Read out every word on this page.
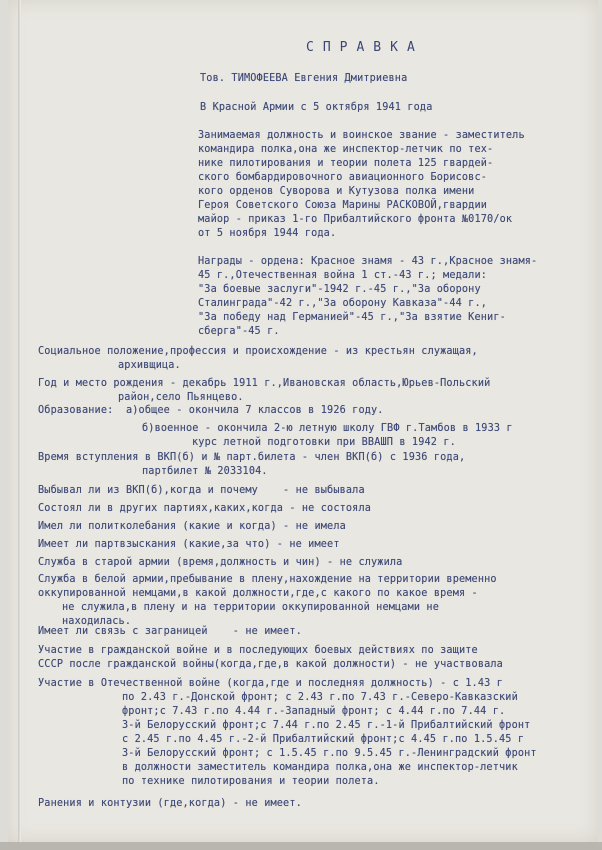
СПРАВКА
Тов. ТИМОФЕЕВА Евгения Дмитриевна
В Красной Армии с 5 октября 1941 года
Занимаемая должность и воинское звание - заместитель
командира полка,она же инспектор-летчик по тех-
нике пилотирования и теории полета 125 гвардей-
ского бомбардировочного авиационного Борисовс-
кого орденов Суворова и Кутузова полка имени
Героя Советского Союза Марины РАСКОВОЙ,гвардии
майор - приказ 1-го Прибалтийского фронта №0170/ок
от 5 ноября 1944 года.
Награды - ордена: Красное знамя - 43 г.,Красное знамя-
45 г.,Отечественная война 1 ст.-43 г.; медали:
"За боевые заслуги"-1942 г.-45 г.,"За оборону
Сталинграда"-42 г.,"За оборону Кавказа"-44 г.,
"За победу над Германией"-45 г.,"За взятие Кениг-
сберга"-45 г.
Социальное положение,профессия и происхождение - из крестьян служащая,
архивщица.
Год и место рождения - декабрь 1911 г.,Ивановская область,Юрьев-Польский
район,село Пьянцево.
Образование:  а)общее - окончила 7 классов в 1926 году.
б)военное - окончила 2-ю летную школу ГВФ г.Тамбов в 1933 г
курс летной подготовки при ВВАШП в 1942 г.
Время вступления в ВКП(б) и № парт.билета - член ВКП(б) с 1936 года,
партбилет № 2033104.
Выбывал ли из ВКП(б),когда и почему    - не выбывала
Состоял ли в других партиях,каких,когда - не состояла
Имел ли политколебания (какие и когда) - не имела
Имеет ли партвзыскания (какие,за что) - не имеет
Служба в старой армии (время,должность и чин) - не служила
Служба в белой армии,пребывание в плену,нахождение на территории временно
оккупированной немцами,в какой должности,где,с какого по какое время -
не служила,в плену и на территории оккупированной немцами не
находилась.
Имеет ли связь с заграницей    - не имеет.
Участие в гражданской войне и в последующих боевых действиях по защите
СССР после гражданской войны(когда,где,в какой должности) - не участвовала
Участие в Отечественной войне (когда,где и последняя должность) - с 1.43 г
по 2.43 г.-Донской фронт; с 2.43 г.по 7.43 г.-Северо-Кавказский
фронт;с 7.43 г.по 4.44 г.-Западный фронт; с 4.44 г.по 7.44 г.
3-й Белорусский фронт;с 7.44 г.по 2.45 г.-1-й Прибалтийский фронт
с 2.45 г.по 4.45 г.-2-й Прибалтийский фронт;с 4.45 г.по 1.5.45 г
3-й Белорусский фронт; с 1.5.45 г.по 9.5.45 г.-Ленинградский фронт
в должности заместитель командира полка,она же инспектор-летчик
по технике пилотирования и теории полета.
Ранения и контузии (где,когда) - не имеет.
